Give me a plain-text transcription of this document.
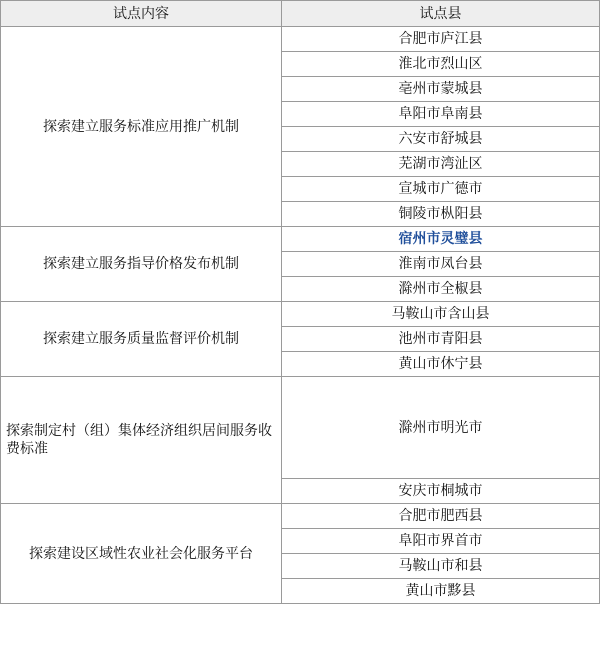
试点内容	试点县
探索建立服务标准应用推广机制	合肥市庐江县
	淮北市烈山区
	亳州市蒙城县
	阜阳市阜南县
	六安市舒城县
	芜湖市湾沚区
	宣城市广德市
	铜陵市枞阳县
探索建立服务指导价格发布机制	宿州市灵璧县
	淮南市凤台县
	滁州市全椒县
探索建立服务质量监督评价机制	马鞍山市含山县
	池州市青阳县
	黄山市休宁县
探索制定村（组）集体经济组织居间服务收费标准	滁州市明光市
	安庆市桐城市
探索建设区域性农业社会化服务平台	合肥市肥西县
	阜阳市界首市
	马鞍山市和县
	黄山市黟县
